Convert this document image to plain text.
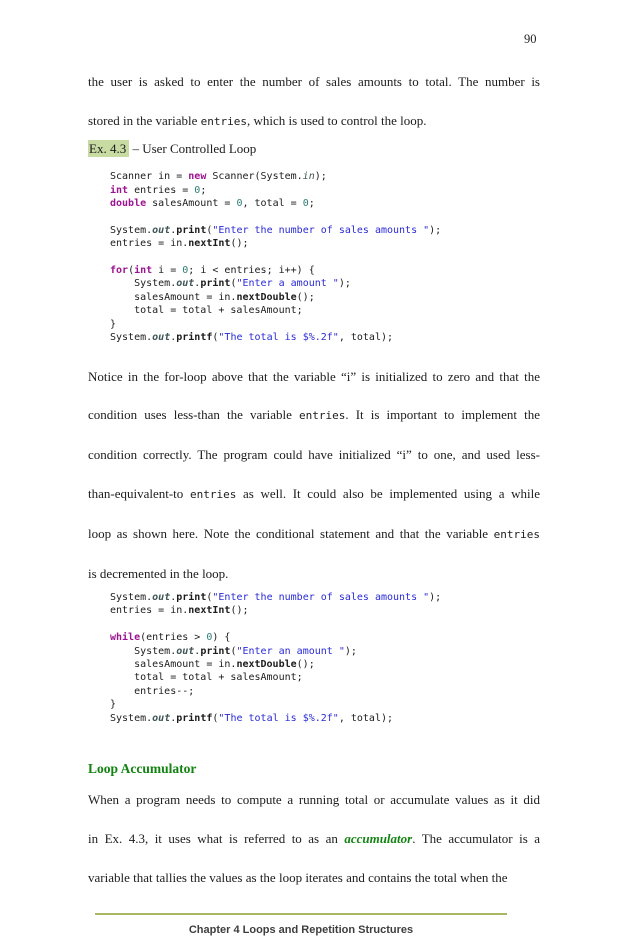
90
the user is asked to enter the number of sales amounts to total. The number is
stored in the variable entries, which is used to control the loop.
Ex. 4.3 – User Controlled Loop
Scanner in = new Scanner(System.in);
int entries = 0;
double salesAmount = 0, total = 0;

System.out.print("Enter the number of sales amounts ");
entries = in.nextInt();

for(int i = 0; i < entries; i++) {
System.out.print("Enter a amount ");
salesAmount = in.nextDouble();
total = total + salesAmount;
}
System.out.printf("The total is $%.2f", total);
Notice in the for-loop above that the variable “i” is initialized to zero and that the
condition uses less-than the variable entries. It is important to implement the
condition correctly. The program could have initialized “i” to one, and used less-
than-equivalent-to entries as well. It could also be implemented using a while
loop as shown here. Note the conditional statement and that the variable entries
is decremented in the loop.
System.out.print("Enter the number of sales amounts ");
entries = in.nextInt();

while(entries > 0) {
System.out.print("Enter an amount ");
salesAmount = in.nextDouble();
total = total + salesAmount;
entries--;
}
System.out.printf("The total is $%.2f", total);
Loop Accumulator
When a program needs to compute a running total or accumulate values as it did
in Ex. 4.3, it uses what is referred to as an accumulator. The accumulator is a
variable that tallies the values as the loop iterates and contains the total when the
Chapter 4 Loops and Repetition Structures
